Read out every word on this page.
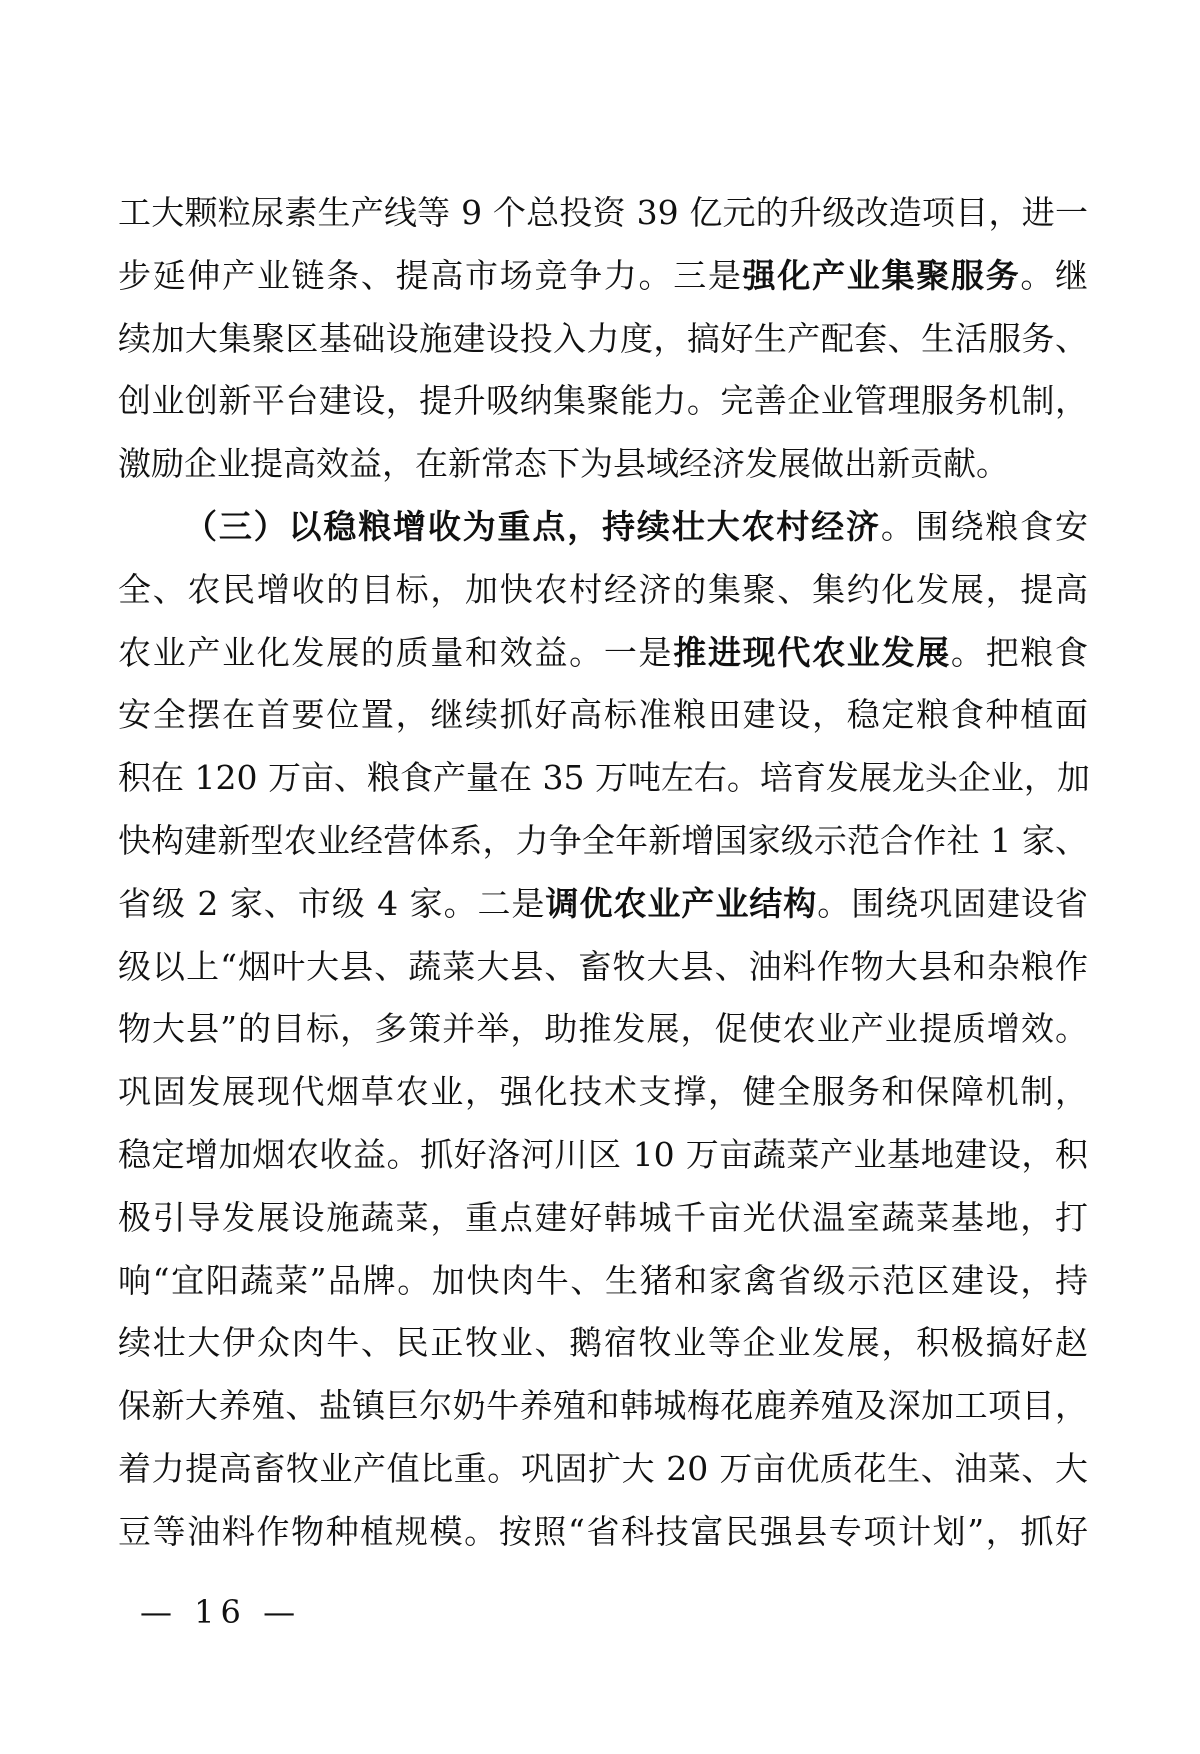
工大颗粒尿素生产线等 9 个总投资 39 亿元的升级改造项目，进一
步延伸产业链条、提高市场竞争力。三是强化产业集聚服务。继
续加大集聚区基础设施建设投入力度，搞好生产配套、生活服务、
创业创新平台建设，提升吸纳集聚能力。完善企业管理服务机制，
激励企业提高效益，在新常态下为县域经济发展做出新贡献。
（三）以稳粮增收为重点，持续壮大农村经济。围绕粮食安
全、农民增收的目标，加快农村经济的集聚、集约化发展，提高
农业产业化发展的质量和效益。一是推进现代农业发展。把粮食
安全摆在首要位置，继续抓好高标准粮田建设，稳定粮食种植面
积在 120 万亩、粮食产量在 35 万吨左右。培育发展龙头企业，加
快构建新型农业经营体系，力争全年新增国家级示范合作社 1 家、
省级 2 家、市级 4 家。二是调优农业产业结构。围绕巩固建设省
级以上“烟叶大县、蔬菜大县、畜牧大县、油料作物大县和杂粮作
物大县”的目标，多策并举，助推发展，促使农业产业提质增效。
巩固发展现代烟草农业，强化技术支撑，健全服务和保障机制，
稳定增加烟农收益。抓好洛河川区 10 万亩蔬菜产业基地建设，积
极引导发展设施蔬菜，重点建好韩城千亩光伏温室蔬菜基地，打
响“宜阳蔬菜”品牌。加快肉牛、生猪和家禽省级示范区建设，持
续壮大伊众肉牛、民正牧业、鹅宿牧业等企业发展，积极搞好赵
保新大养殖、盐镇巨尔奶牛养殖和韩城梅花鹿养殖及深加工项目，
着力提高畜牧业产值比重。巩固扩大 20 万亩优质花生、油菜、大
豆等油料作物种植规模。按照“省科技富民强县专项计划”，抓好
— 16 —
